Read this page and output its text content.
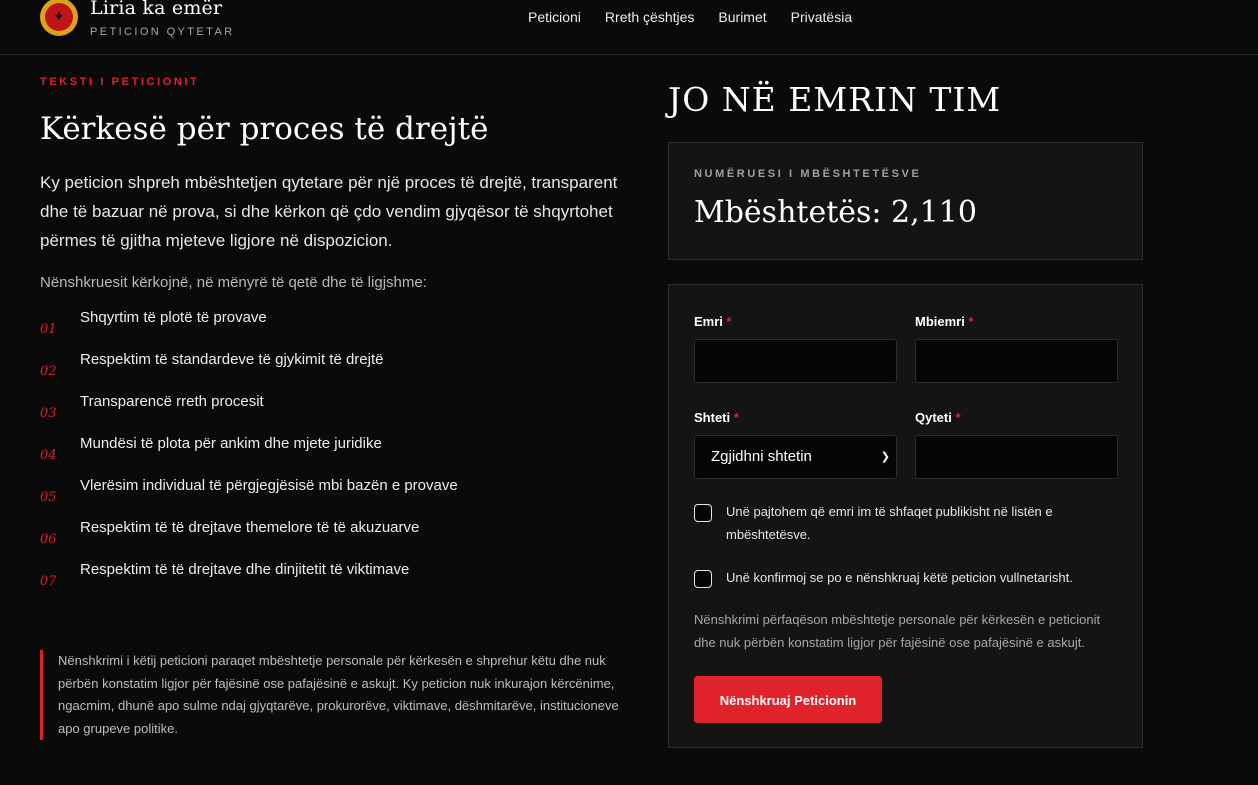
✦	Liria ka emër
PETICION QYTETAR
Peticioni Rreth çështjes Burimet Privatësia
TEKSTI I PETICIONIT
Kërkesë për proces të drejtë
Ky peticion shpreh mbështetjen qytetare për një proces të drejtë, transparent dhe të bazuar në prova, si dhe kërkon që çdo vendim gjyqësor të shqyrtohet përmes të gjitha mjeteve ligjore në dispozicion.
Nënshkruesit kërkojnë, në mënyrë të qetë dhe të ligjshme:
01
Shqyrtim të plotë të provave
02
Respektim të standardeve të gjykimit të drejtë
03
Transparencë rreth procesit
04
Mundësi të plota për ankim dhe mjete juridike
05
Vlerësim individual të përgjegjësisë mbi bazën e provave
06
Respektim të të drejtave themelore të të akuzuarve
07
Respektim të të drejtave dhe dinjitetit të viktimave
Nënshkrimi i këtij peticioni paraqet mbështetje personale për kërkesën e shprehur këtu dhe nuk përbën konstatim ligjor për fajësinë ose pafajësinë e askujt. Ky peticion nuk inkurajon kërcënime, ngacmim, dhunë apo sulme ndaj gjyqtarëve, prokurorëve, viktimave, dëshmitarëve, institucioneve apo grupeve politike.
JO NË EMRIN TIM
NUMËRUESI I MBËSHTETËSVE
Mbështetës: 2,110
Emri *	Mbiemri *
Shteti *
Zgjidhni shtetin	❯
Qyteti *
Unë pajtohem që emri im të shfaqet publikisht në listën e mbështetësve.
Unë konfirmoj se po e nënshkruaj këtë peticion vullnetarisht.
Nënshkrimi përfaqëson mbështetje personale për kërkesën e peticionit dhe nuk përbën konstatim ligjor për fajësinë ose pafajësinë e askujt.
Nënshkruaj Peticionin
